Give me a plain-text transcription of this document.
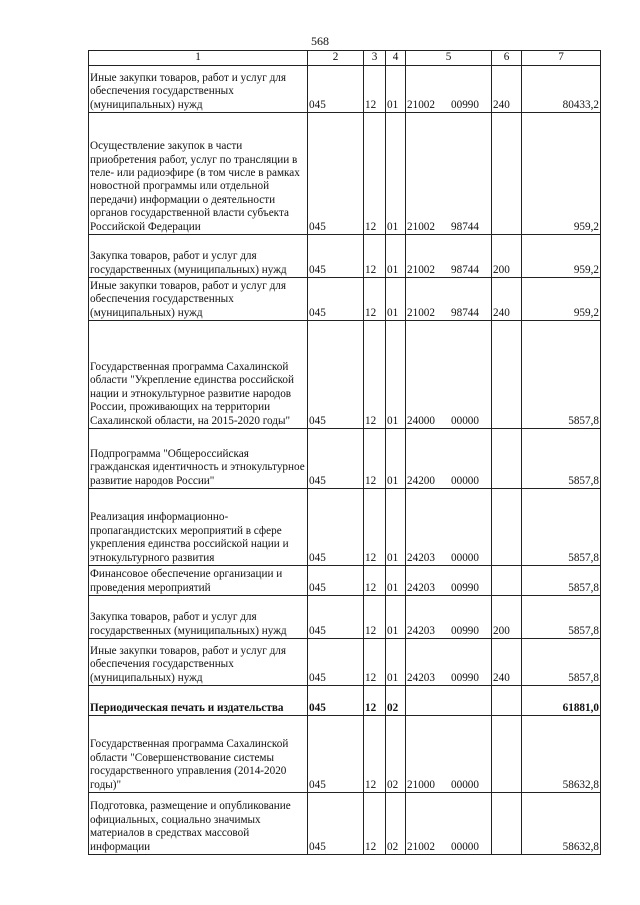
568
1	2	3	4	5	6	7
Иные закупки товаров, работ и услуг для обеспечения государственных (муниципальных) нужд	045	12	01	21002 00990	240	80433,2
Осуществление закупок в части приобретения работ, услуг по трансляции в теле- или радиоэфире (в том числе в рамках новостной программы или отдельной передачи) информации о деятельности органов государственной власти субъекта Российской Федерации	045	12	01	21002 98744		959,2
Закупка товаров, работ и услуг для государственных (муниципальных) нужд	045	12	01	21002 98744	200	959,2
Иные закупки товаров, работ и услуг для обеспечения государственных (муниципальных) нужд	045	12	01	21002 98744	240	959,2
Государственная программа Сахалинской области "Укрепление единства российской нации и этнокультурное развитие народов России, проживающих на территории Сахалинской области, на 2015-2020 годы"	045	12	01	24000 00000		5857,8
Подпрограмма "Общероссийская гражданская идентичность и этнокультурное развитие народов России"	045	12	01	24200 00000		5857,8
Реализация информационно-пропагандистских мероприятий в сфере укрепления единства российской нации и этнокультурного развития	045	12	01	24203 00000		5857,8
Финансовое обеспечение организации и проведения мероприятий	045	12	01	24203 00990		5857,8
Закупка товаров, работ и услуг для государственных (муниципальных) нужд	045	12	01	24203 00990	200	5857,8
Иные закупки товаров, работ и услуг для обеспечения государственных (муниципальных) нужд	045	12	01	24203 00990	240	5857,8
Периодическая печать и издательства	045	12	02			61881,0
Государственная программа Сахалинской области "Совершенствование системы государственного управления (2014-2020 годы)"	045	12	02	21000 00000		58632,8
Подготовка, размещение и опубликование официальных, социально значимых материалов в средствах массовой информации	045	12	02	21002 00000		58632,8
